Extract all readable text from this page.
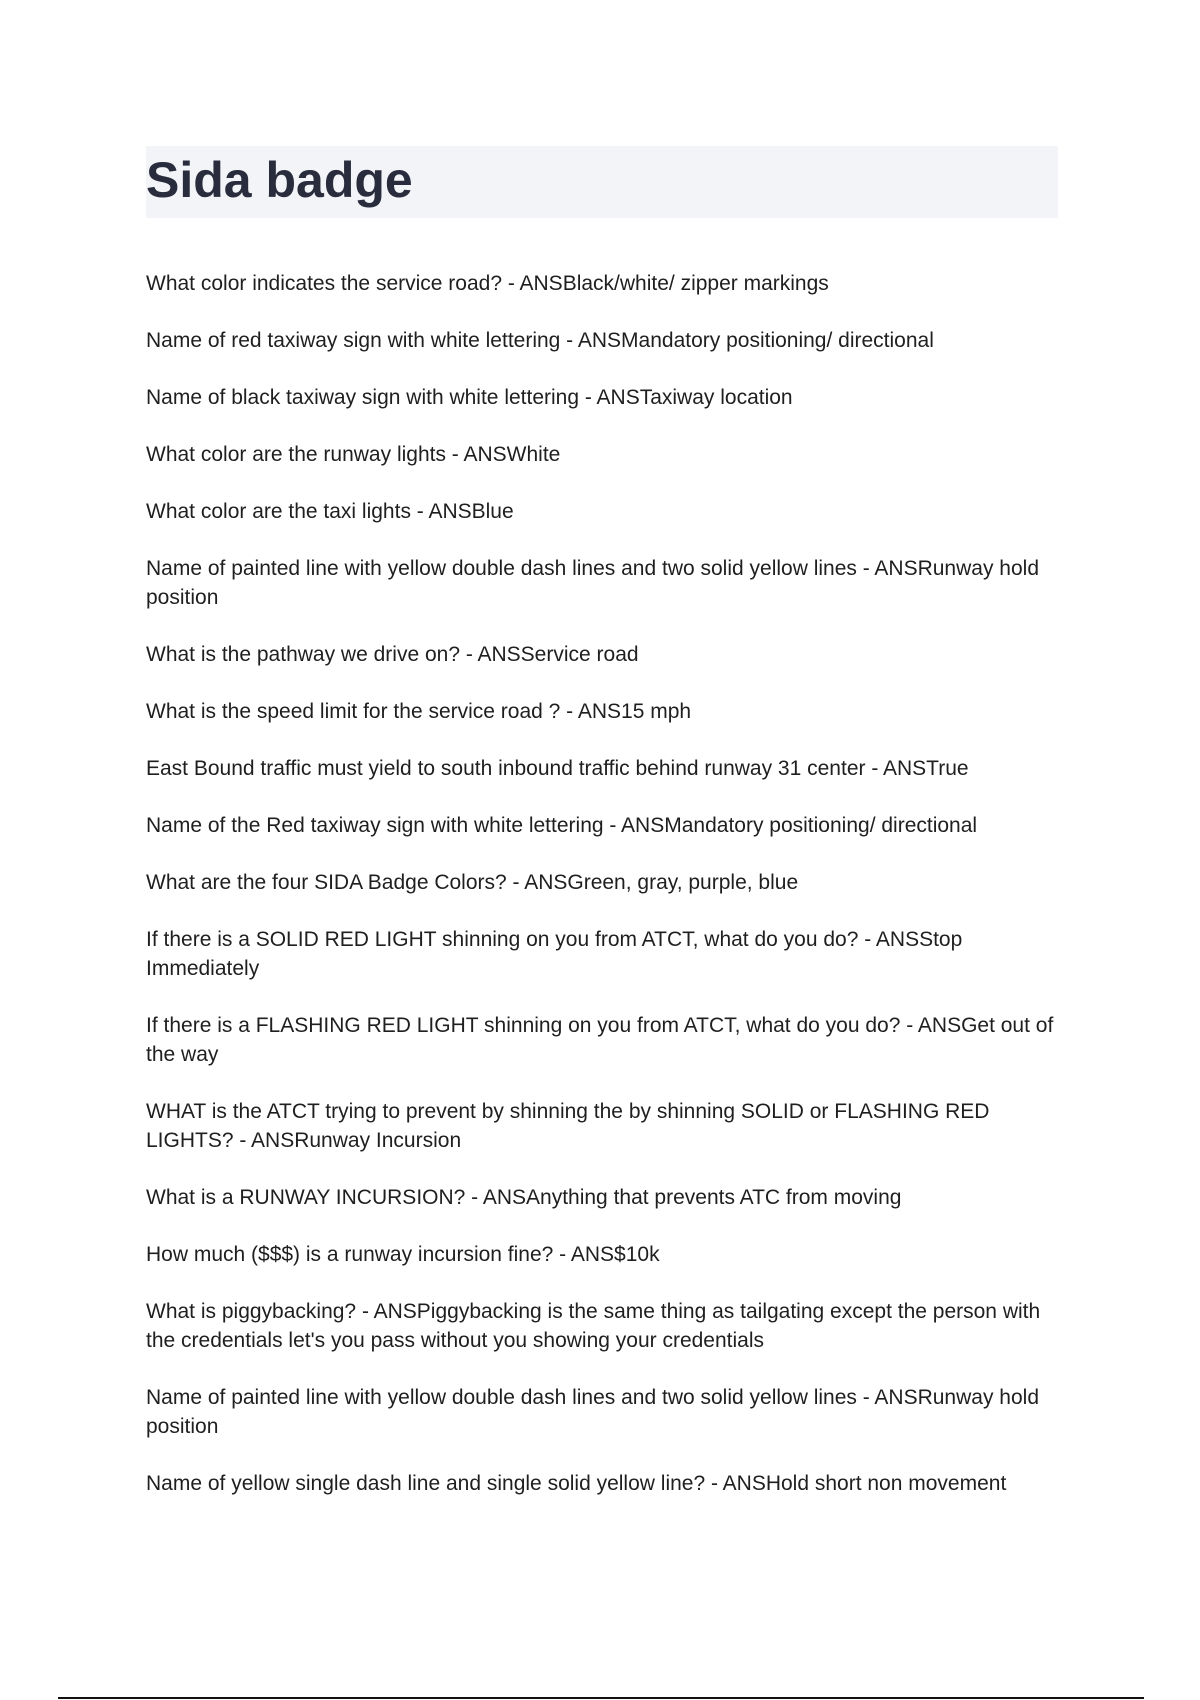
Sida badge
What color indicates the service road? - ANSBlack/white/ zipper markings
Name of red taxiway sign with white lettering - ANSMandatory positioning/ directional
Name of black taxiway sign with white lettering - ANSTaxiway location
What color are the runway lights - ANSWhite
What color are the taxi lights - ANSBlue
Name of painted line with yellow double dash lines and two solid yellow lines - ANSRunway hold position
What is the pathway we drive on? - ANSService road
What is the speed limit for the service road ? - ANS15 mph
East Bound traffic must yield to south inbound traffic behind runway 31 center - ANSTrue
Name of the Red taxiway sign with white lettering - ANSMandatory positioning/ directional
What are the four SIDA Badge Colors? - ANSGreen, gray, purple, blue
If there is a SOLID RED LIGHT shinning on you from ATCT, what do you do? - ANSStop Immediately
If there is a FLASHING RED LIGHT shinning on you from ATCT, what do you do? - ANSGet out of the way
WHAT is the ATCT trying to prevent by shinning the by shinning SOLID or FLASHING RED LIGHTS? - ANSRunway Incursion
What is a RUNWAY INCURSION? - ANSAnything that prevents ATC from moving
How much ($$$) is a runway incursion fine? - ANS$10k
What is piggybacking? - ANSPiggybacking is the same thing as tailgating except the person with the credentials let's you pass without you showing your credentials
Name of painted line with yellow double dash lines and two solid yellow lines - ANSRunway hold position
Name of yellow single dash line and single solid yellow line? - ANSHold short non movement
